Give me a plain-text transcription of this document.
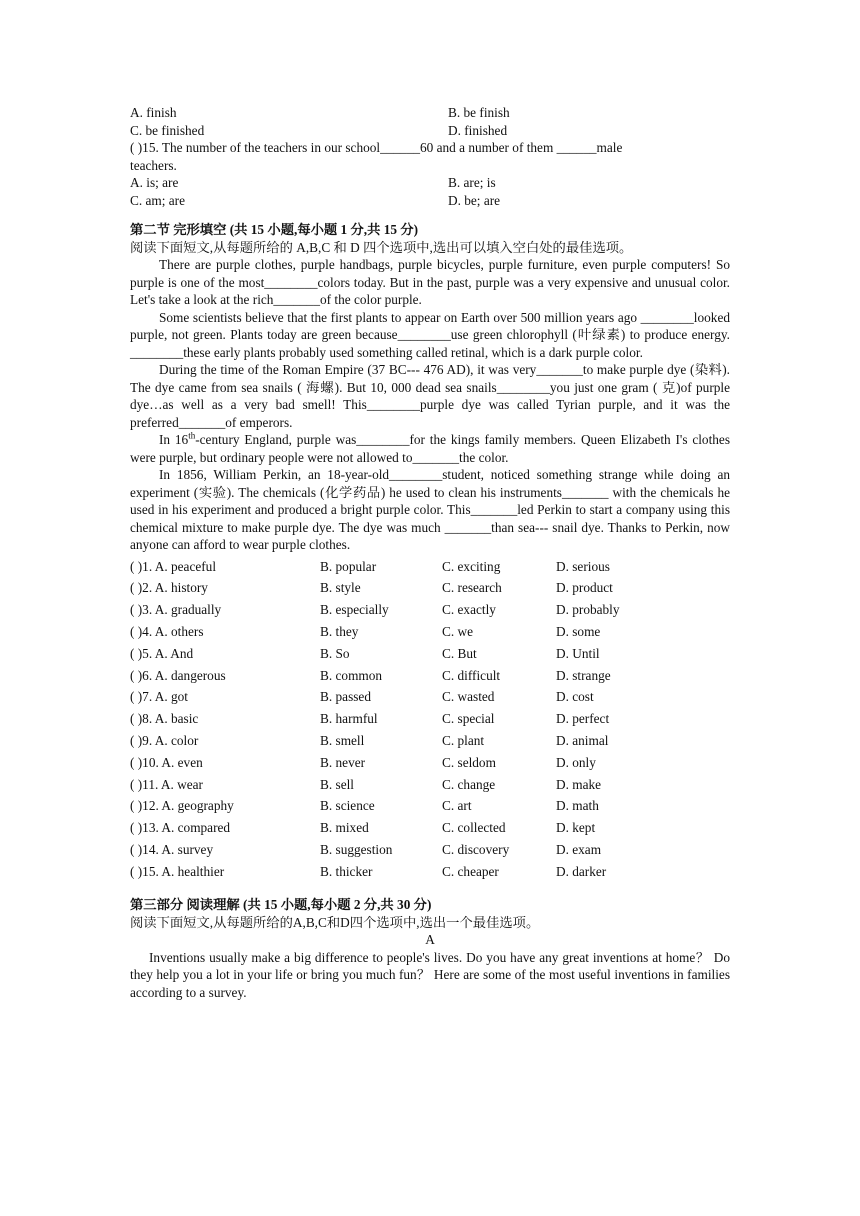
A. finish	B. be finish
C. be finished	D. finished
( )15. The number of the teachers in our school______60 and a number of them ______male
teachers.
A. is; are	B. are; is
C. am; are	D. be; are
第二节 完形填空 (共 15 小题,每小题 1 分,共 15 分)
阅读下面短文,从每题所给的 A,B,C 和 D 四个选项中,选出可以填入空白处的最佳选项。
There are purple clothes, purple handbags, purple bicycles, purple furniture, even purple computers! So purple is one of the most________colors today. But in the past, purple was a very expensive and unusual color. Let's take a look at the rich_______of the color purple.
Some scientists believe that the first plants to appear on Earth over 500 million years ago ________looked purple, not green. Plants today are green because________use green chlorophyll (叶绿素) to produce energy. ________these early plants probably used something called retinal, which is a dark purple color.
During the time of the Roman Empire (37 BC--- 476 AD), it was very_______to make purple dye (染料). The dye came from sea snails ( 海螺). But 10, 000 dead sea snails________you just one gram ( 克)of purple dye…as well as a very bad smell! This________purple dye was called Tyrian purple, and it was the preferred_______of emperors.
In 16th-century England, purple was________for the kings family members. Queen Elizabeth I's clothes were purple, but ordinary people were not allowed to_______the color.
In 1856, William Perkin, an 18-year-old________student, noticed something strange while doing an experiment (实验). The chemicals (化学药品) he used to clean his instruments_______ with the chemicals he used in his experiment and produced a bright purple color. This_______led Perkin to start a company using this chemical mixture to make purple dye. The dye was much _______than sea--- snail dye. Thanks to Perkin, now anyone can afford to wear purple clothes.
( )1. A. peaceful	B. popular	C. exciting	D. serious
( )2. A. history	B. style	C. research	D. product
( )3. A. gradually	B. especially	C. exactly	D. probably
( )4. A. others	B. they	C. we	D. some
( )5. A. And	B. So	C. But	D. Until
( )6. A. dangerous	B. common	C. difficult	D. strange
( )7. A. got	B. passed	C. wasted	D. cost
( )8. A. basic	B. harmful	C. special	D. perfect
( )9. A. color	B. smell	C. plant	D. animal
( )10. A. even	B. never	C. seldom	D. only
( )11. A. wear	B. sell	C. change	D. make
( )12. A. geography	B. science	C. art	D. math
( )13. A. compared	B. mixed	C. collected	D. kept
( )14. A. survey	B. suggestion	C. discovery	D. exam
( )15. A. healthier	B. thicker	C. cheaper	D. darker
第三部分 阅读理解 (共 15 小题,每小题 2 分,共 30 分)
阅读下面短文,从每题所给的A,B,C和D四个选项中,选出一个最佳选项。
A
Inventions usually make a big difference to people's lives. Do you have any great inventions at home？ Do they help you a lot in your life or bring you much fun？ Here are some of the most useful inventions in families according to a survey.
